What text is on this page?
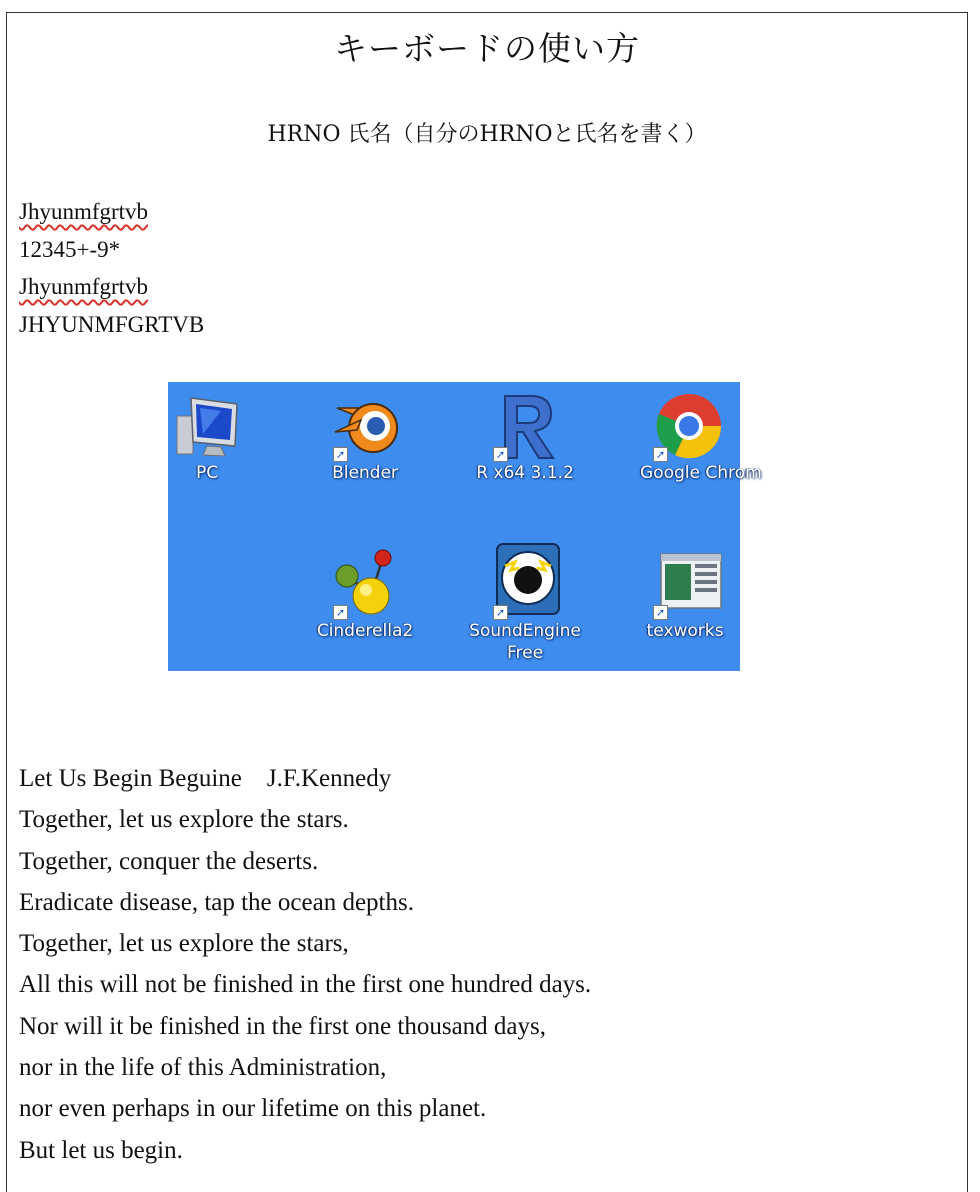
キーボードの使い方
HRNO 氏名（自分のHRNOと氏名を書く）
Jhyunmfgrtvb
12345+-9*
Jhyunmfgrtvb
JHYUNMFGRTVB
PC
➚
Blender
➚
R x64 3.1.2
➚
Google Chrom
➚
Cinderella2
➚
SoundEngine
Free
➚
texworks
Let Us Begin Beguine　J.F.Kennedy
Together, let us explore the stars.
Together, conquer the deserts.
Eradicate disease, tap the ocean depths.
Together, let us explore the stars,
All this will not be finished in the first one hundred days.
Nor will it be finished in the first one thousand days,
nor in the life of this Administration,
nor even perhaps in our lifetime on this planet.
But let us begin.
